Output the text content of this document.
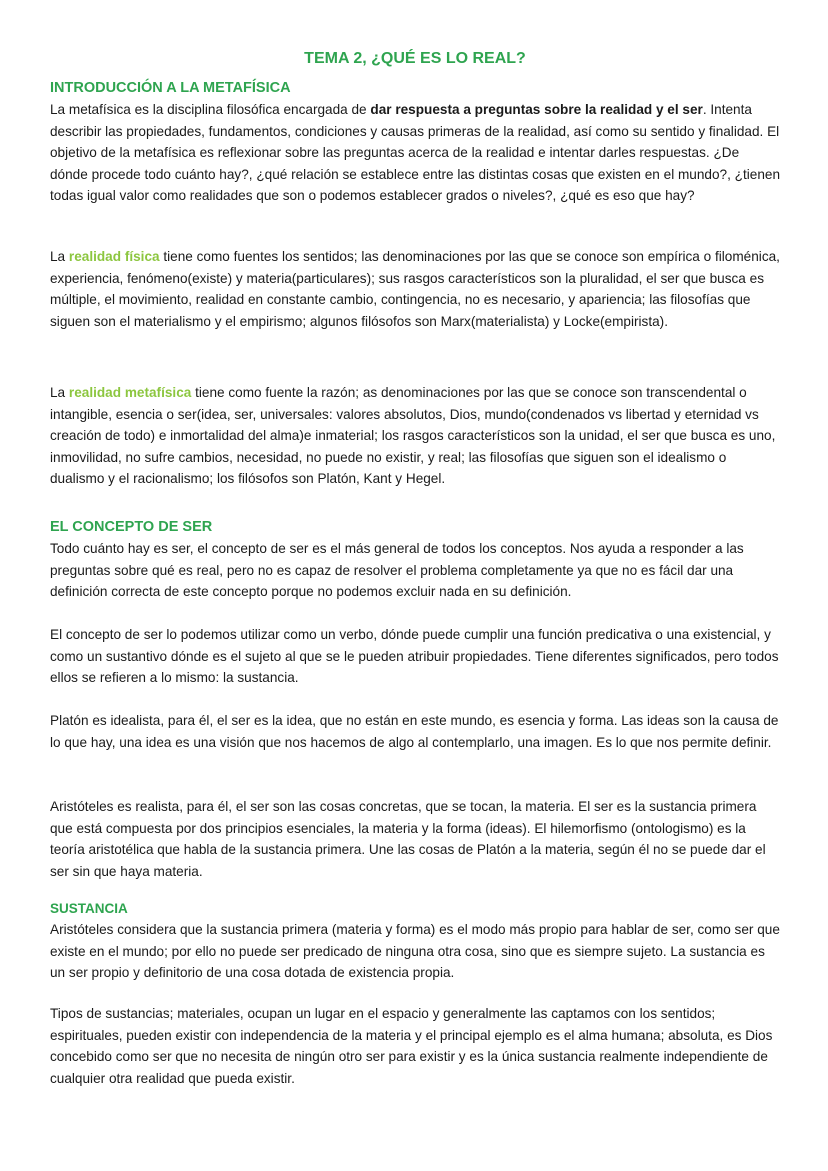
TEMA 2, ¿QUÉ ES LO REAL?
INTRODUCCIÓN A LA METAFÍSICA

La metafísica es la disciplina filosófica encargada de dar respuesta a preguntas sobre la realidad y el ser. Intenta describir las propiedades, fundamentos, condiciones y causas primeras de la realidad, así como su sentido y finalidad. El objetivo de la metafísica es reflexionar sobre las preguntas acerca de la realidad e intentar darles respuestas. ¿De dónde procede todo cuánto hay?, ¿qué relación se establece entre las distintas cosas que existen en el mundo?, ¿tienen todas igual valor como realidades que son o podemos establecer grados o niveles?, ¿qué es eso que hay?

La realidad física tiene como fuentes los sentidos; las denominaciones por las que se conoce son empírica o filoménica, experiencia, fenómeno(existe) y materia(particulares); sus rasgos característicos son la pluralidad, el ser que busca es múltiple, el movimiento, realidad en constante cambio, contingencia, no es necesario, y apariencia; las filosofías que siguen son el materialismo y el empirismo; algunos filósofos son Marx(materialista) y Locke(empirista).

La realidad metafísica tiene como fuente la razón; as denominaciones por las que se conoce son transcendental o intangible, esencia o ser(idea, ser, universales: valores absolutos, Dios, mundo(condenados vs libertad y eternidad vs creación de todo) e inmortalidad del alma)e inmaterial; los rasgos característicos son la unidad, el ser que busca es uno, inmovilidad, no sufre cambios, necesidad, no puede no existir, y real; las filosofías que siguen son el idealismo o dualismo y el racionalismo; los filósofos son Platón, Kant y Hegel.

EL CONCEPTO DE SER

Todo cuánto hay es ser, el concepto de ser es el más general de todos los conceptos. Nos ayuda a responder a las preguntas sobre qué es real, pero no es capaz de resolver el problema completamente ya que no es fácil dar una definición correcta de este concepto porque no podemos excluir nada en su definición.

El concepto de ser lo podemos utilizar como un verbo, dónde puede cumplir una función predicativa o una existencial, y como un sustantivo dónde es el sujeto al que se le pueden atribuir propiedades. Tiene diferentes significados, pero todos ellos se refieren a lo mismo: la sustancia.

Platón es idealista, para él, el ser es la idea, que no están en este mundo, es esencia y forma. Las ideas son la causa de lo que hay, una idea es una visión que nos hacemos de algo al contemplarlo, una imagen. Es lo que nos permite definir.

Aristóteles es realista, para él, el ser son las cosas concretas, que se tocan, la materia. El ser es la sustancia primera que está compuesta por dos principios esenciales, la materia y la forma (ideas). El hilemorfismo (ontologismo) es la teoría aristotélica que habla de la sustancia primera. Une las cosas de Platón a la materia, según él no se puede dar el ser sin que haya materia.

SUSTANCIA

Aristóteles considera que la sustancia primera (materia y forma) es el modo más propio para hablar de ser, como ser que existe en el mundo; por ello no puede ser predicado de ninguna otra cosa, sino que es siempre sujeto. La sustancia es un ser propio y definitorio de una cosa dotada de existencia propia.

Tipos de sustancias; materiales, ocupan un lugar en el espacio y generalmente las captamos con los sentidos; espirituales, pueden existir con independencia de la materia y el principal ejemplo es el alma humana; absoluta, es Dios concebido como ser que no necesita de ningún otro ser para existir y es la única sustancia realmente independiente de cualquier otra realidad que pueda existir.
